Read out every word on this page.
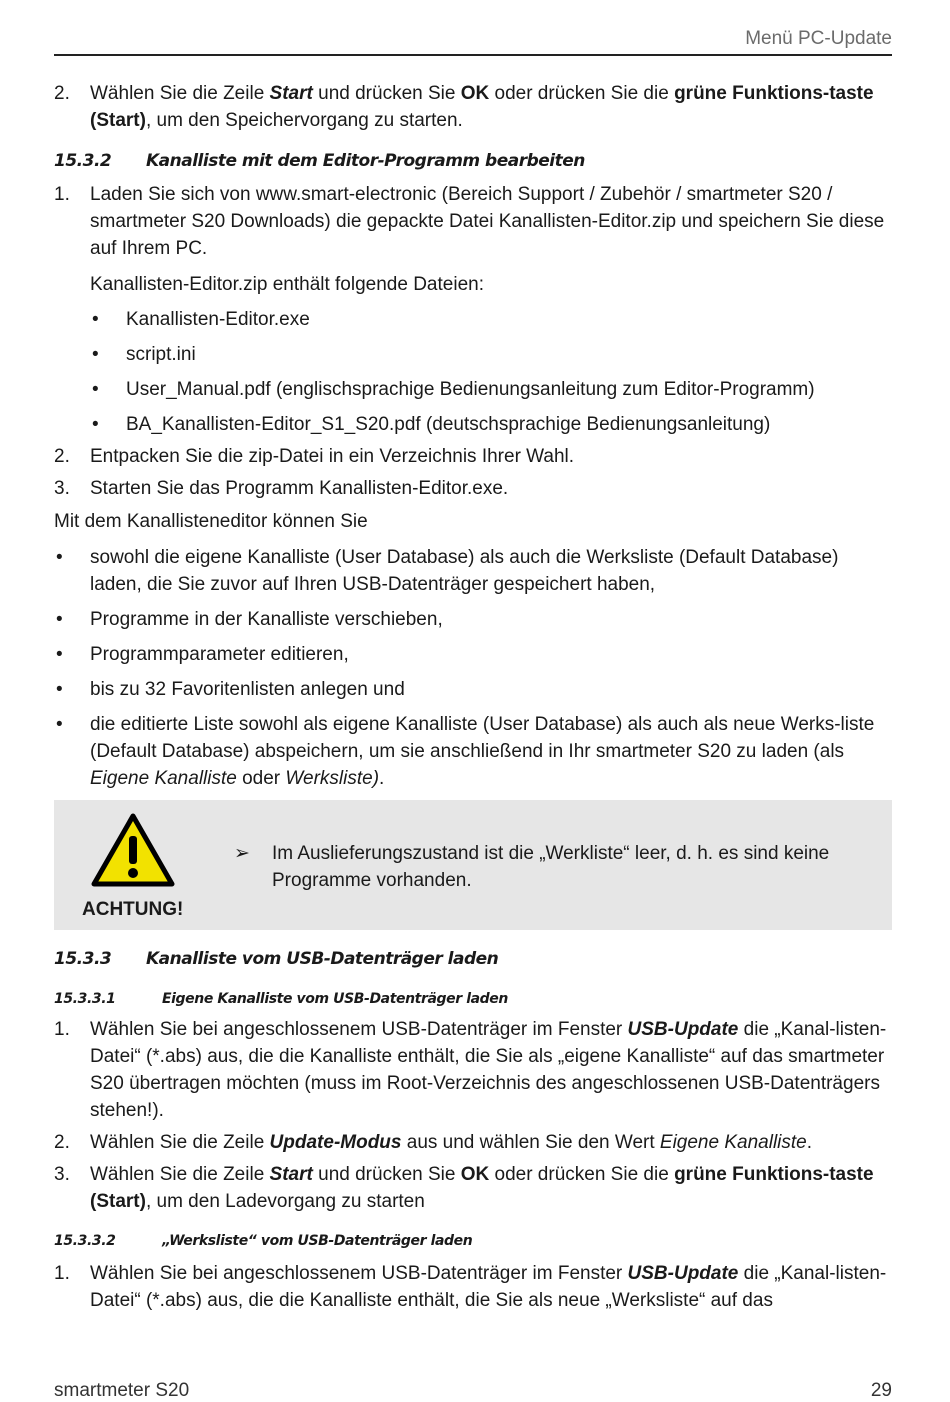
Menü PC-Update

2. Wählen Sie die Zeile Start und drücken Sie OK oder drücken Sie die grüne Funktions-taste (Start), um den Speichervorgang zu starten.

15.3.2 Kanalliste mit dem Editor-Programm bearbeiten

1. Laden Sie sich von www.smart-electronic (Bereich Support / Zubehör / smartmeter S20 / smartmeter S20 Downloads) die gepackte Datei Kanallisten-Editor.zip und speichern Sie diese auf Ihrem PC.

Kanallisten-Editor.zip enthält folgende Dateien:

• Kanallisten-Editor.exe

• script.ini

• User_Manual.pdf (englischsprachige Bedienungsanleitung zum Editor-Programm)

• BA_Kanallisten-Editor_S1_S20.pdf (deutschsprachige Bedienungsanleitung)

2. Entpacken Sie die zip-Datei in ein Verzeichnis Ihrer Wahl.

3. Starten Sie das Programm Kanallisten-Editor.exe.

Mit dem Kanallisteneditor können Sie

• sowohl die eigene Kanalliste (User Database) als auch die Werksliste (Default Database) laden, die Sie zuvor auf Ihren USB-Datenträger gespeichert haben,

• Programme in der Kanalliste verschieben,

• Programmparameter editieren,

• bis zu 32 Favoritenlisten anlegen und

• die editierte Liste sowohl als eigene Kanalliste (User Database) als auch als neue Werks-liste (Default Database) abspeichern, um sie anschließend in Ihr smartmeter S20 zu laden (als Eigene Kanalliste oder Werksliste).

ACHTUNG!
➢ Im Auslieferungszustand ist die „Werkliste“ leer, d. h. es sind keine Programme vorhanden.
15.3.3 Kanalliste vom USB-Datenträger laden
15.3.3.1	Eigene Kanalliste vom USB-Datenträger laden

1. Wählen Sie bei angeschlossenem USB-Datenträger im Fenster USB-Update die „Kanal-listen-Datei“ (*.abs) aus, die die Kanalliste enthält, die Sie als „eigene Kanalliste“ auf das smartmeter S20 übertragen möchten (muss im Root-Verzeichnis des angeschlossenen USB-Datenträgers stehen!).

2. Wählen Sie die Zeile Update-Modus aus und wählen Sie den Wert Eigene Kanalliste.

3. Wählen Sie die Zeile Start und drücken Sie OK oder drücken Sie die grüne Funktions-taste (Start), um den Ladevorgang zu starten

15.3.3.2	„Werksliste“ vom USB-Datenträger laden

1. Wählen Sie bei angeschlossenem USB-Datenträger im Fenster USB-Update die „Kanal-listen-Datei“ (*.abs) aus, die die Kanalliste enthält, die Sie als neue „Werksliste“ auf das

smartmeter S20	29
